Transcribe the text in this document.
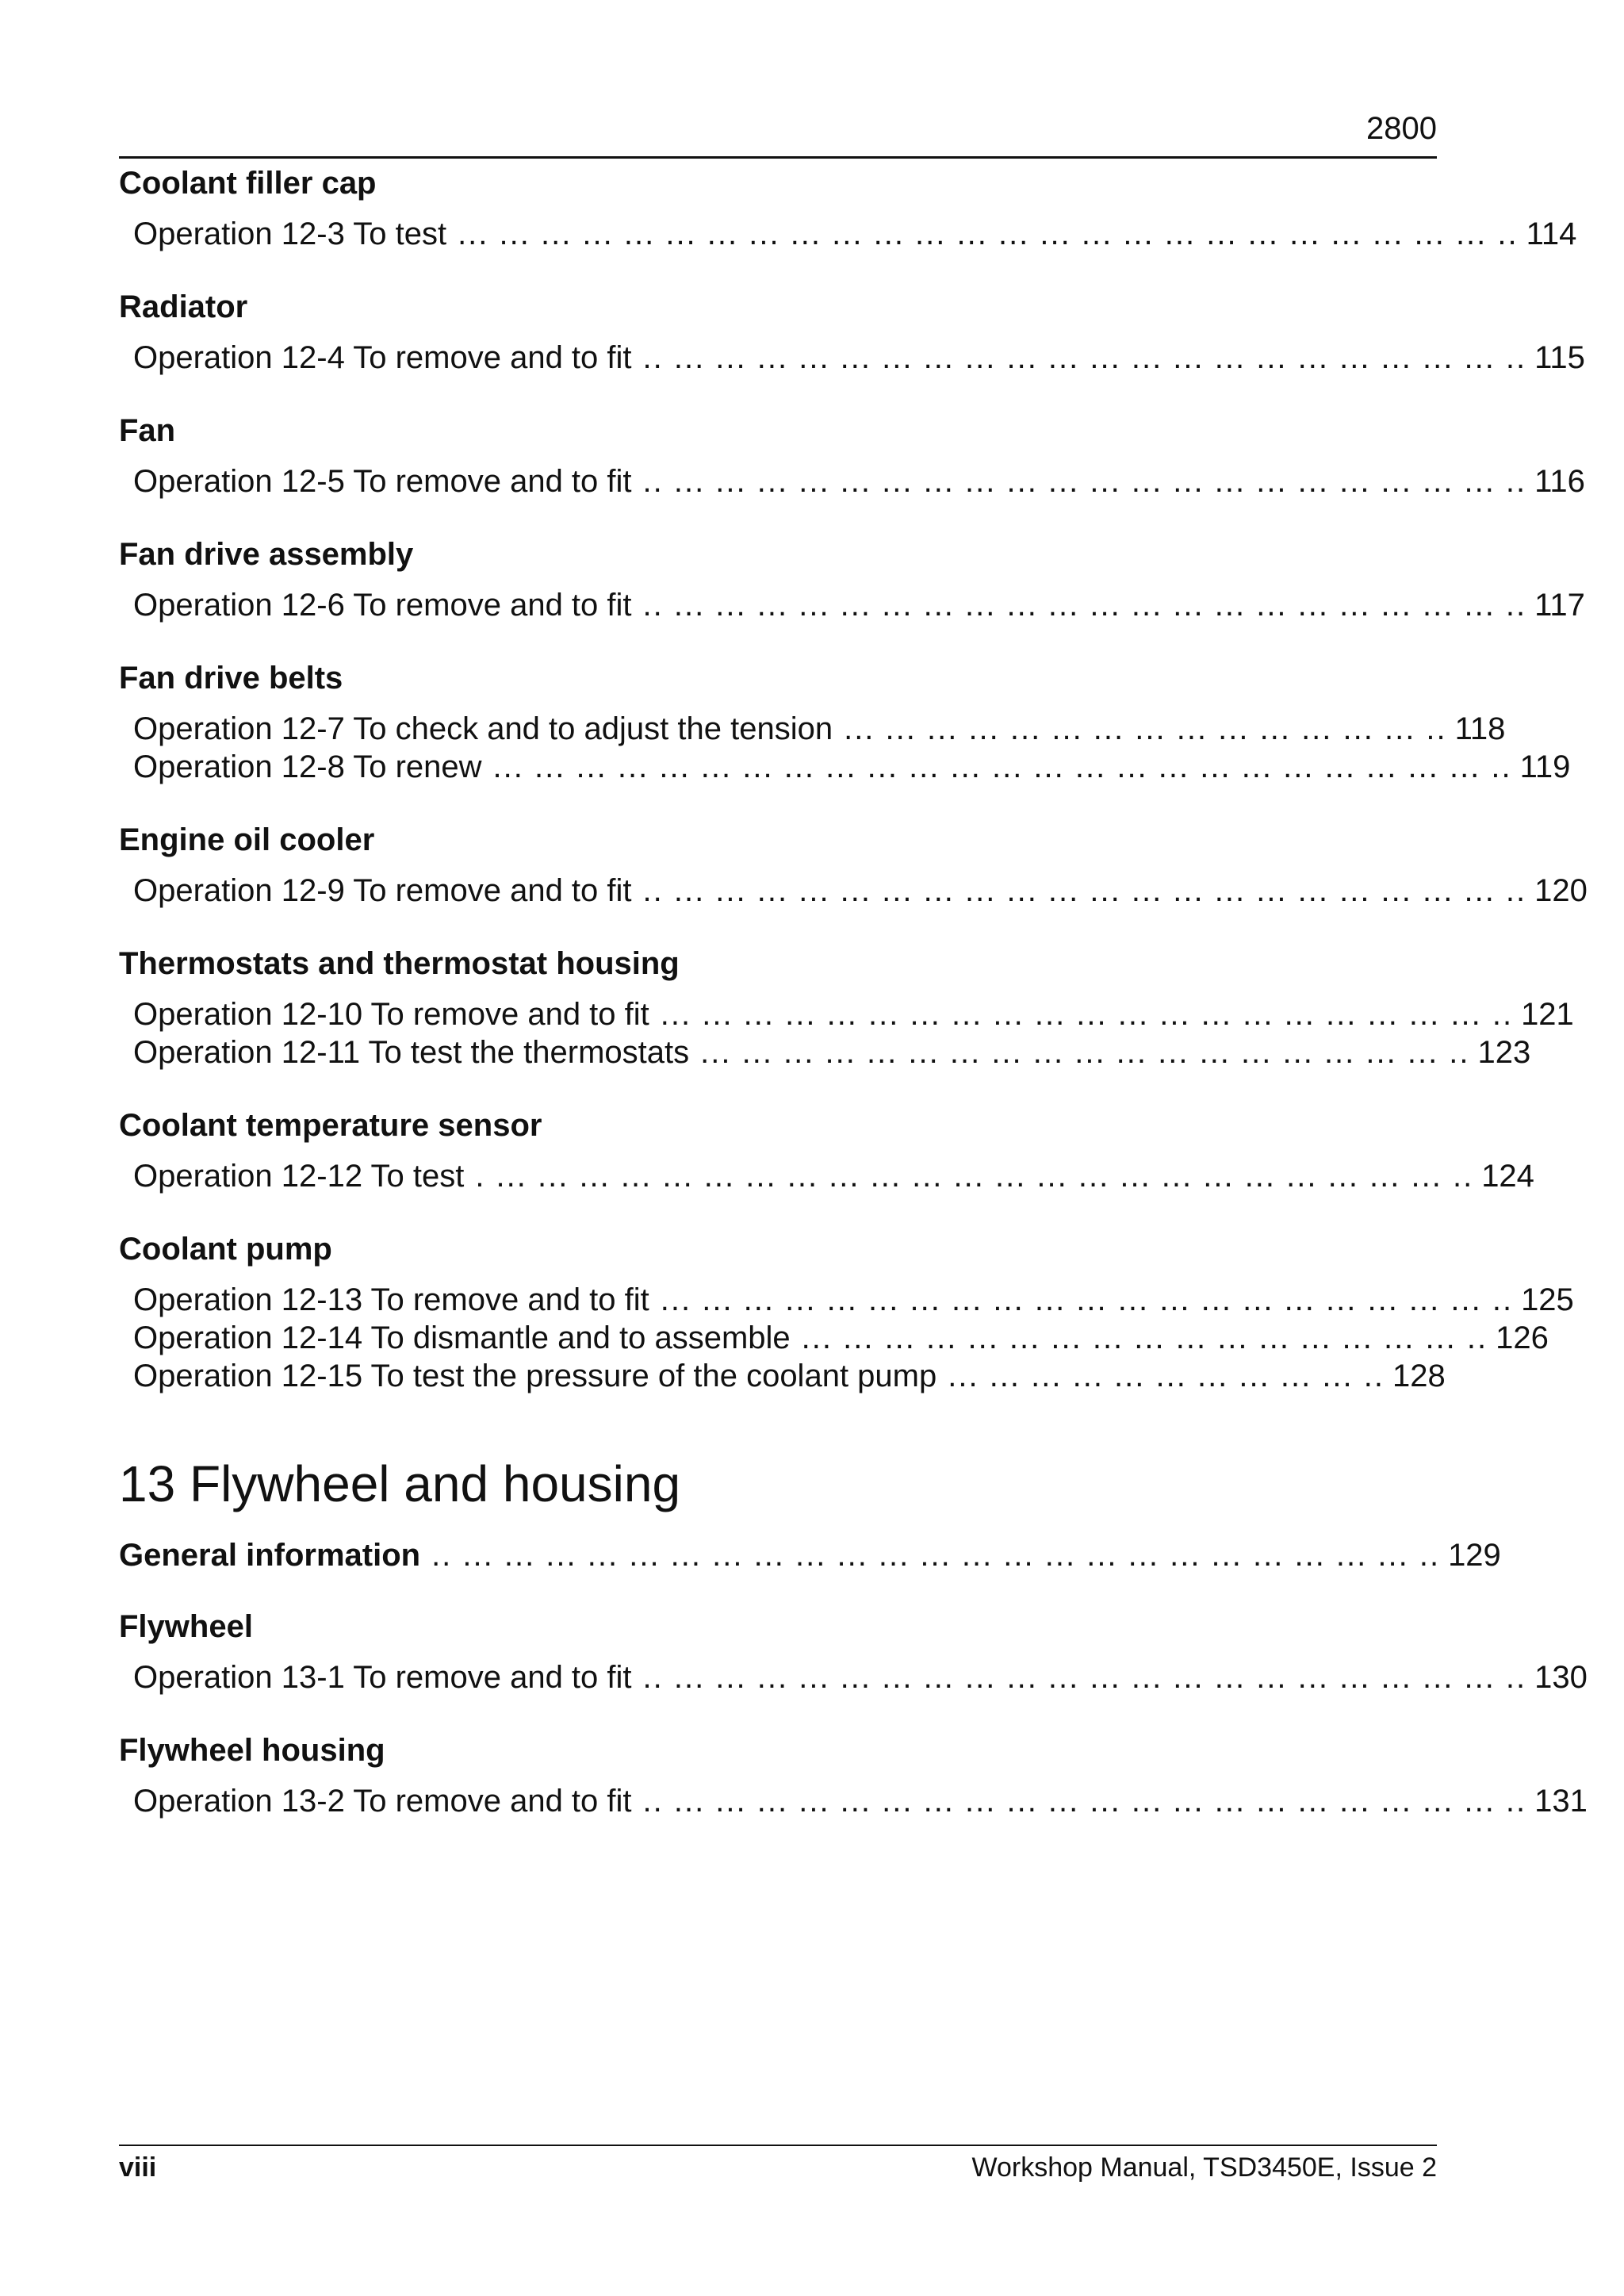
2800
Coolant filler cap
Operation 12-3 To test ... ... ... ... ... ... ... ... ... ... ... ... ... ... ... ... ... ... ... ... ... ... ... ... ... .. 114
Radiator
Operation 12-4 To remove and to fit .. ... ... ... ... ... ... ... ... ... ... ... ... ... ... ... ... ... ... ... ... .. 115
Fan
Operation 12-5 To remove and to fit .. ... ... ... ... ... ... ... ... ... ... ... ... ... ... ... ... ... ... ... ... .. 116
Fan drive assembly
Operation 12-6 To remove and to fit .. ... ... ... ... ... ... ... ... ... ... ... ... ... ... ... ... ... ... ... ... .. 117
Fan drive belts
Operation 12-7 To check and to adjust the tension ... ... ... ... ... ... ... ... ... ... ... ... ... ... .. 118
Operation 12-8 To renew ... ... ... ... ... ... ... ... ... ... ... ... ... ... ... ... ... ... ... ... ... ... ... ... .. 119
Engine oil cooler
Operation 12-9 To remove and to fit .. ... ... ... ... ... ... ... ... ... ... ... ... ... ... ... ... ... ... ... ... .. 120
Thermostats and thermostat housing
Operation 12-10 To remove and to fit ... ... ... ... ... ... ... ... ... ... ... ... ... ... ... ... ... ... ... ... .. 121
Operation 12-11 To test the thermostats ... ... ... ... ... ... ... ... ... ... ... ... ... ... ... ... ... ... .. 123
Coolant temperature sensor
Operation 12-12 To test . ... ... ... ... ... ... ... ... ... ... ... ... ... ... ... ... ... ... ... ... ... ... ... .. 124
Coolant pump
Operation 12-13 To remove and to fit ... ... ... ... ... ... ... ... ... ... ... ... ... ... ... ... ... ... ... ... .. 125
Operation 12-14 To dismantle and to assemble ... ... ... ... ... ... ... ... ... ... ... ... ... ... ... ... .. 126
Operation 12-15 To test the pressure of the coolant pump ... ... ... ... ... ... ... ... ... ... .. 128
13 Flywheel and housing
General information .. ... ... ... ... ... ... ... ... ... ... ... ... ... ... ... ... ... ... ... ... ... ... ... .. 129
Flywheel
Operation 13-1 To remove and to fit .. ... ... ... ... ... ... ... ... ... ... ... ... ... ... ... ... ... ... ... ... .. 130
Flywheel housing
Operation 13-2 To remove and to fit .. ... ... ... ... ... ... ... ... ... ... ... ... ... ... ... ... ... ... ... ... .. 131
viii	Workshop Manual, TSD3450E, Issue 2
